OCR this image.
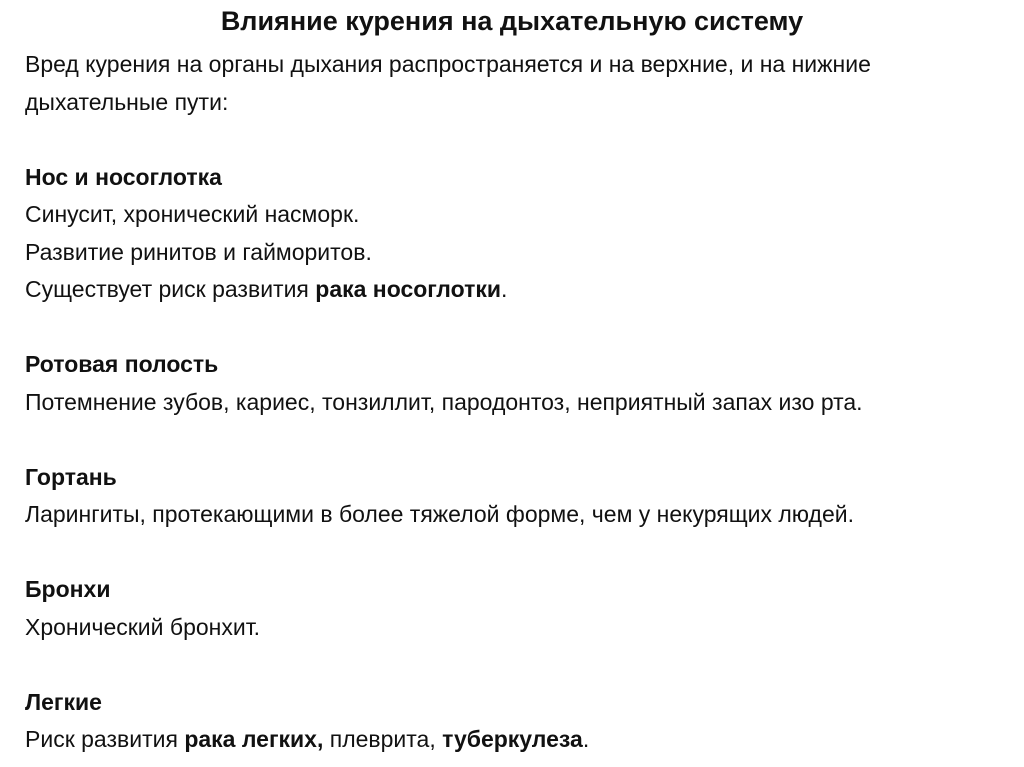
Влияние курения на дыхательную систему

Вред курения на органы дыхания распространяется и на верхние, и на нижние

дыхательные пути:

Нос и носоглотка

Синусит, хронический насморк.

Развитие ринитов и гайморитов.

Существует риск развития рака носоглотки.

Ротовая полость

Потемнение зубов, кариес, тонзиллит, пародонтоз, неприятный запах изо рта.

Гортань

Ларингиты, протекающими в более тяжелой форме, чем у некурящих людей.

Бронхи

Хронический бронхит.

Легкие

Риск развития рака легких, плеврита, туберкулеза.
